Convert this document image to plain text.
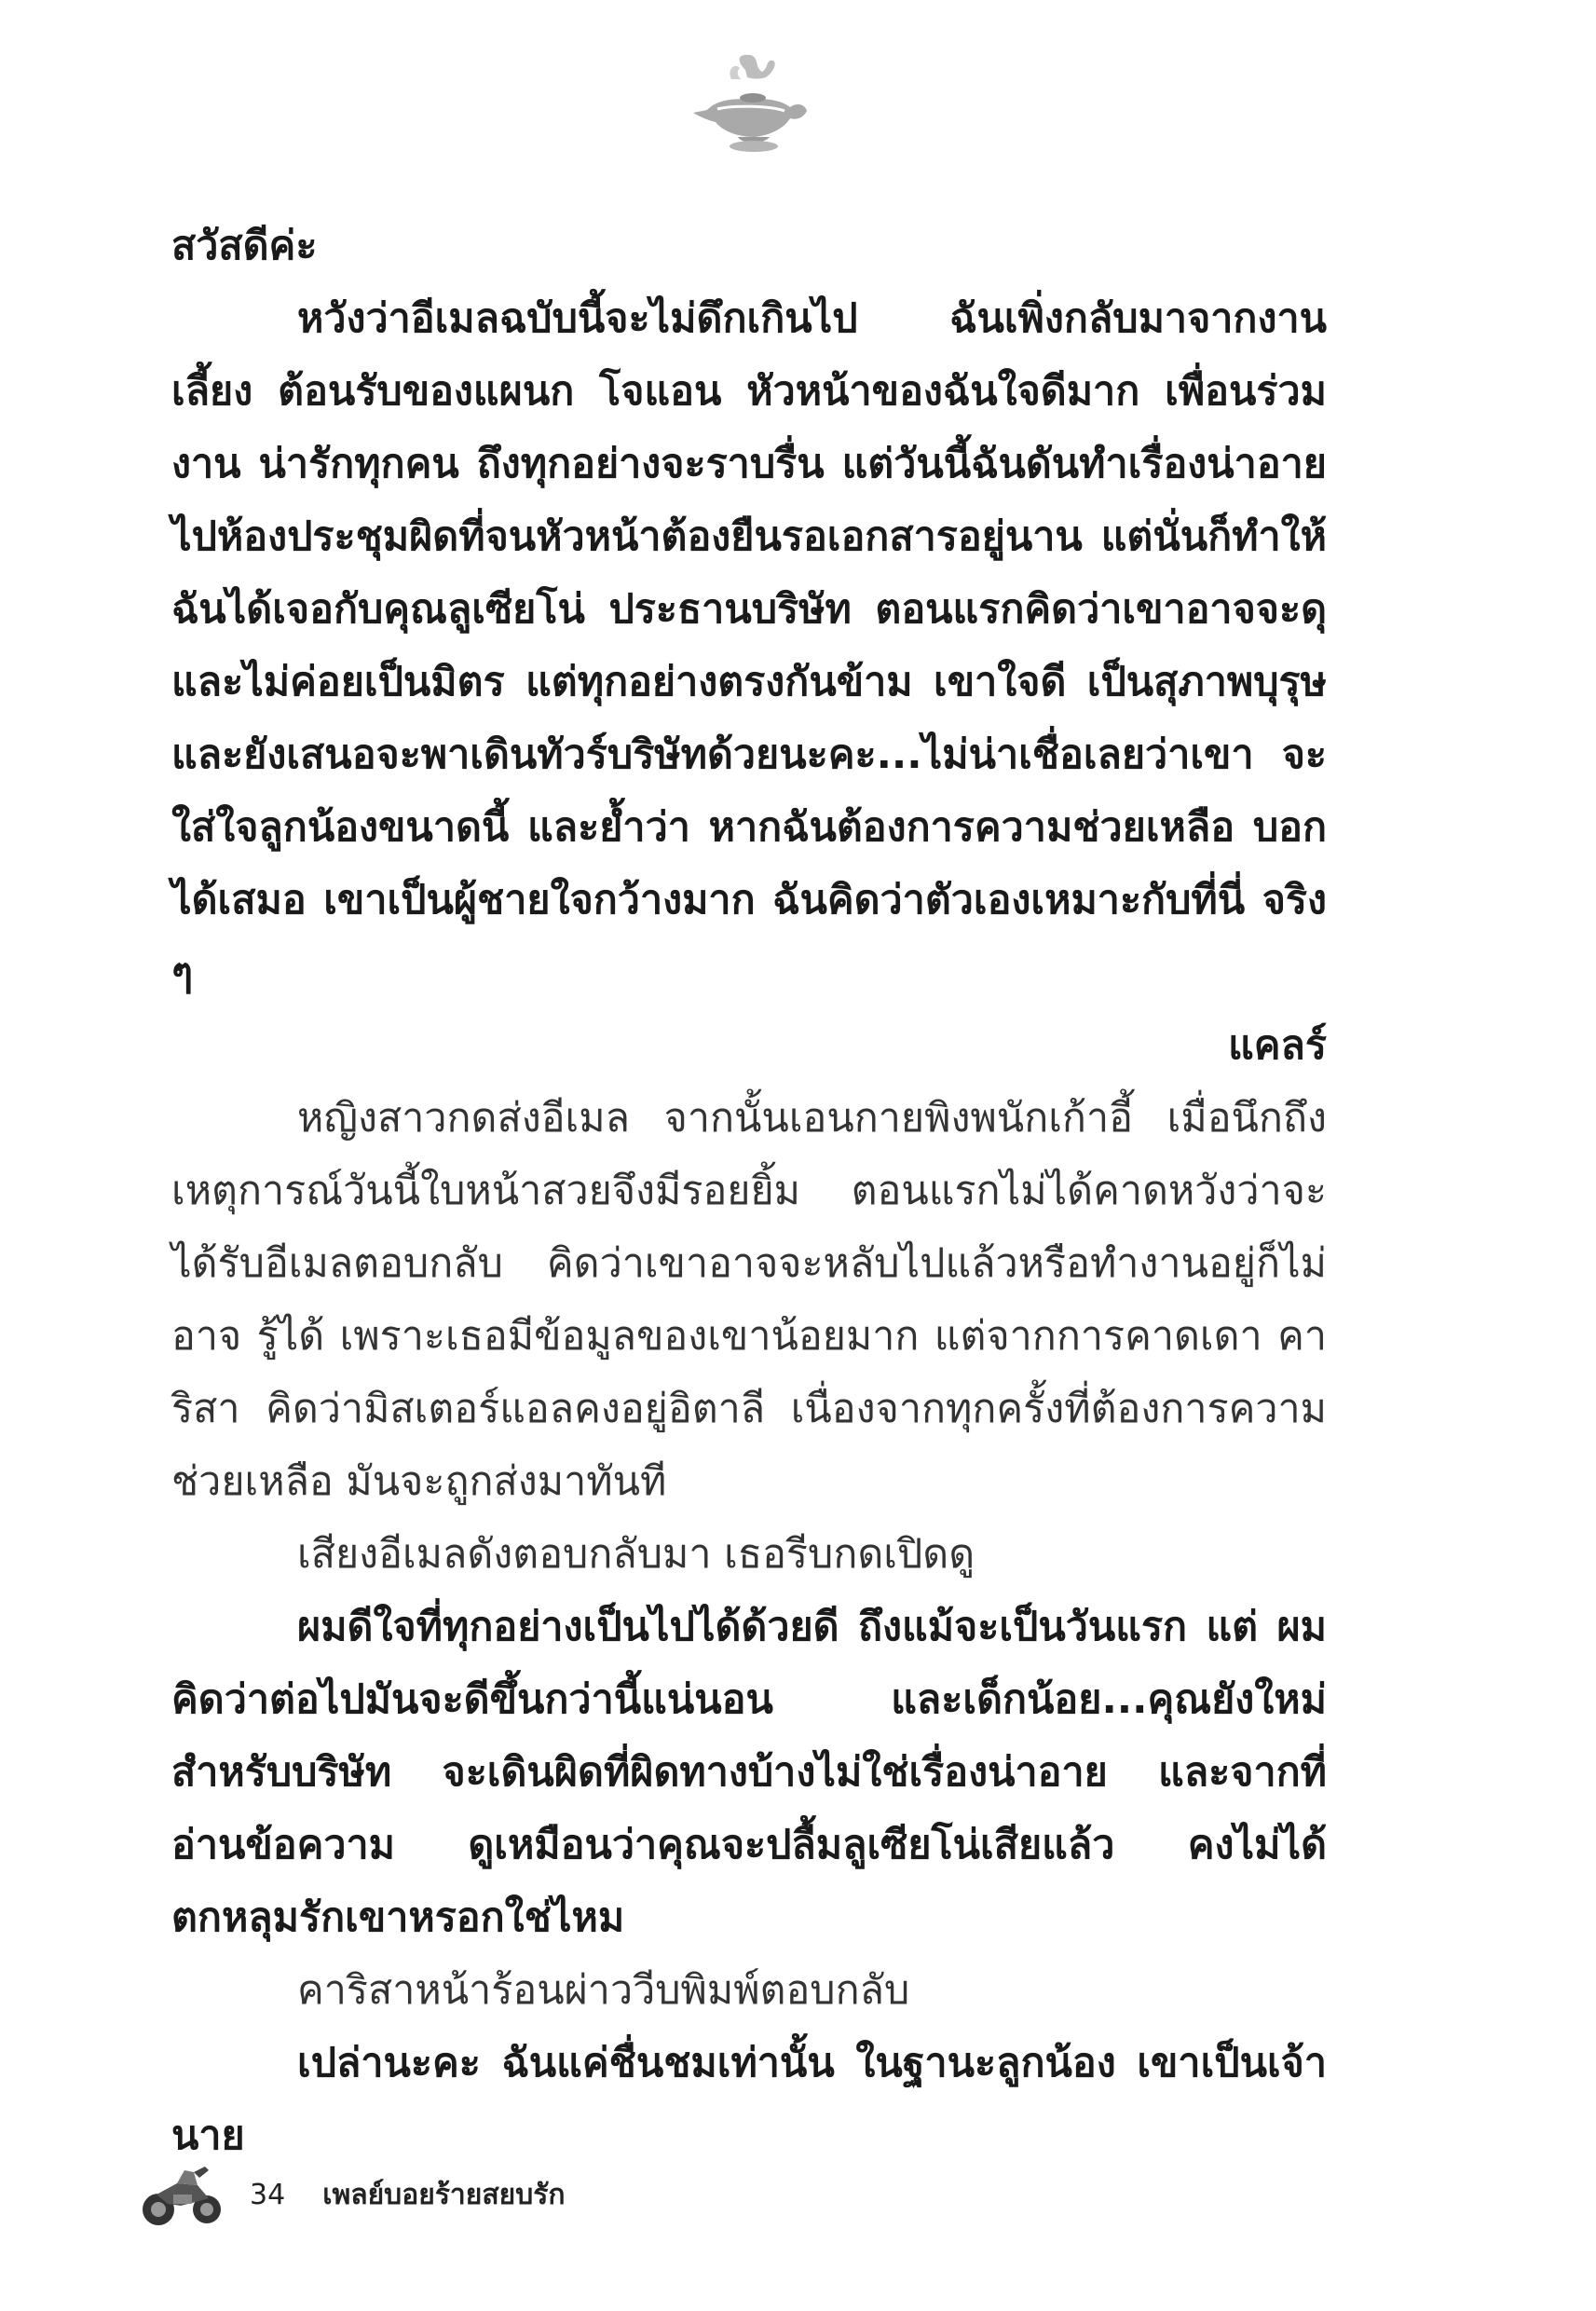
สวัสดีค่ะ

หวังว่าอีเมลฉบับนี้จะไม่ดึกเกินไป ฉันเพิ่งกลับมาจากงานเลี้ยง ต้อนรับของแผนก โจแอน หัวหน้าของฉันใจดีมาก เพื่อนร่วมงาน น่ารักทุกคน ถึงทุกอย่างจะราบรื่น แต่วันนี้ฉันดันทำเรื่องน่าอาย ไปห้องประชุมผิดที่จนหัวหน้าต้องยืนรอเอกสารอยู่นาน แต่นั่นก็ทำให้ ฉันได้เจอกับคุณลูเซียโน่ ประธานบริษัท ตอนแรกคิดว่าเขาอาจจะดุ และไม่ค่อยเป็นมิตร แต่ทุกอย่างตรงกันข้าม เขาใจดี เป็นสุภาพบุรุษ และยังเสนอจะพาเดินทัวร์บริษัทด้วยนะคะ...ไม่น่าเชื่อเลยว่าเขา จะใส่ใจลูกน้องขนาดนี้ และย้ำว่า หากฉันต้องการความช่วยเหลือ บอกได้เสมอ เขาเป็นผู้ชายใจกว้างมาก ฉันคิดว่าตัวเองเหมาะกับที่นี่ จริง ๆ

แคลร์

หญิงสาวกดส่งอีเมล จากนั้นเอนกายพิงพนักเก้าอี้ เมื่อนึกถึง เหตุการณ์วันนี้ใบหน้าสวยจึงมีรอยยิ้ม ตอนแรกไม่ได้คาดหวังว่าจะ ได้รับอีเมลตอบกลับ คิดว่าเขาอาจจะหลับไปแล้วหรือทำงานอยู่ก็ไม่อาจ รู้ได้ เพราะเธอมีข้อมูลของเขาน้อยมาก แต่จากการคาดเดา คาริสา คิดว่ามิสเตอร์แอลคงอยู่อิตาลี เนื่องจากทุกครั้งที่ต้องการความช่วยเหลือ มันจะถูกส่งมาทันที

เสียงอีเมลดังตอบกลับมา เธอรีบกดเปิดดู

ผมดีใจที่ทุกอย่างเป็นไปได้ด้วยดี ถึงแม้จะเป็นวันแรก แต่ ผมคิดว่าต่อไปมันจะดีขึ้นกว่านี้แน่นอน และเด็กน้อย...คุณยังใหม่ สำหรับบริษัท จะเดินผิดที่ผิดทางบ้างไม่ใช่เรื่องน่าอาย และจากที่ อ่านข้อความ ดูเหมือนว่าคุณจะปลื้มลูเซียโน่เสียแล้ว คงไม่ได้ ตกหลุมรักเขาหรอกใช่ไหม

คาริสาหน้าร้อนผ่าววีบพิมพ์ตอบกลับ

เปล่านะคะ ฉันแค่ชื่นชมเท่านั้น ในฐานะลูกน้อง เขาเป็นเจ้านาย

34 เพลย์บอยร้ายสยบรัก
